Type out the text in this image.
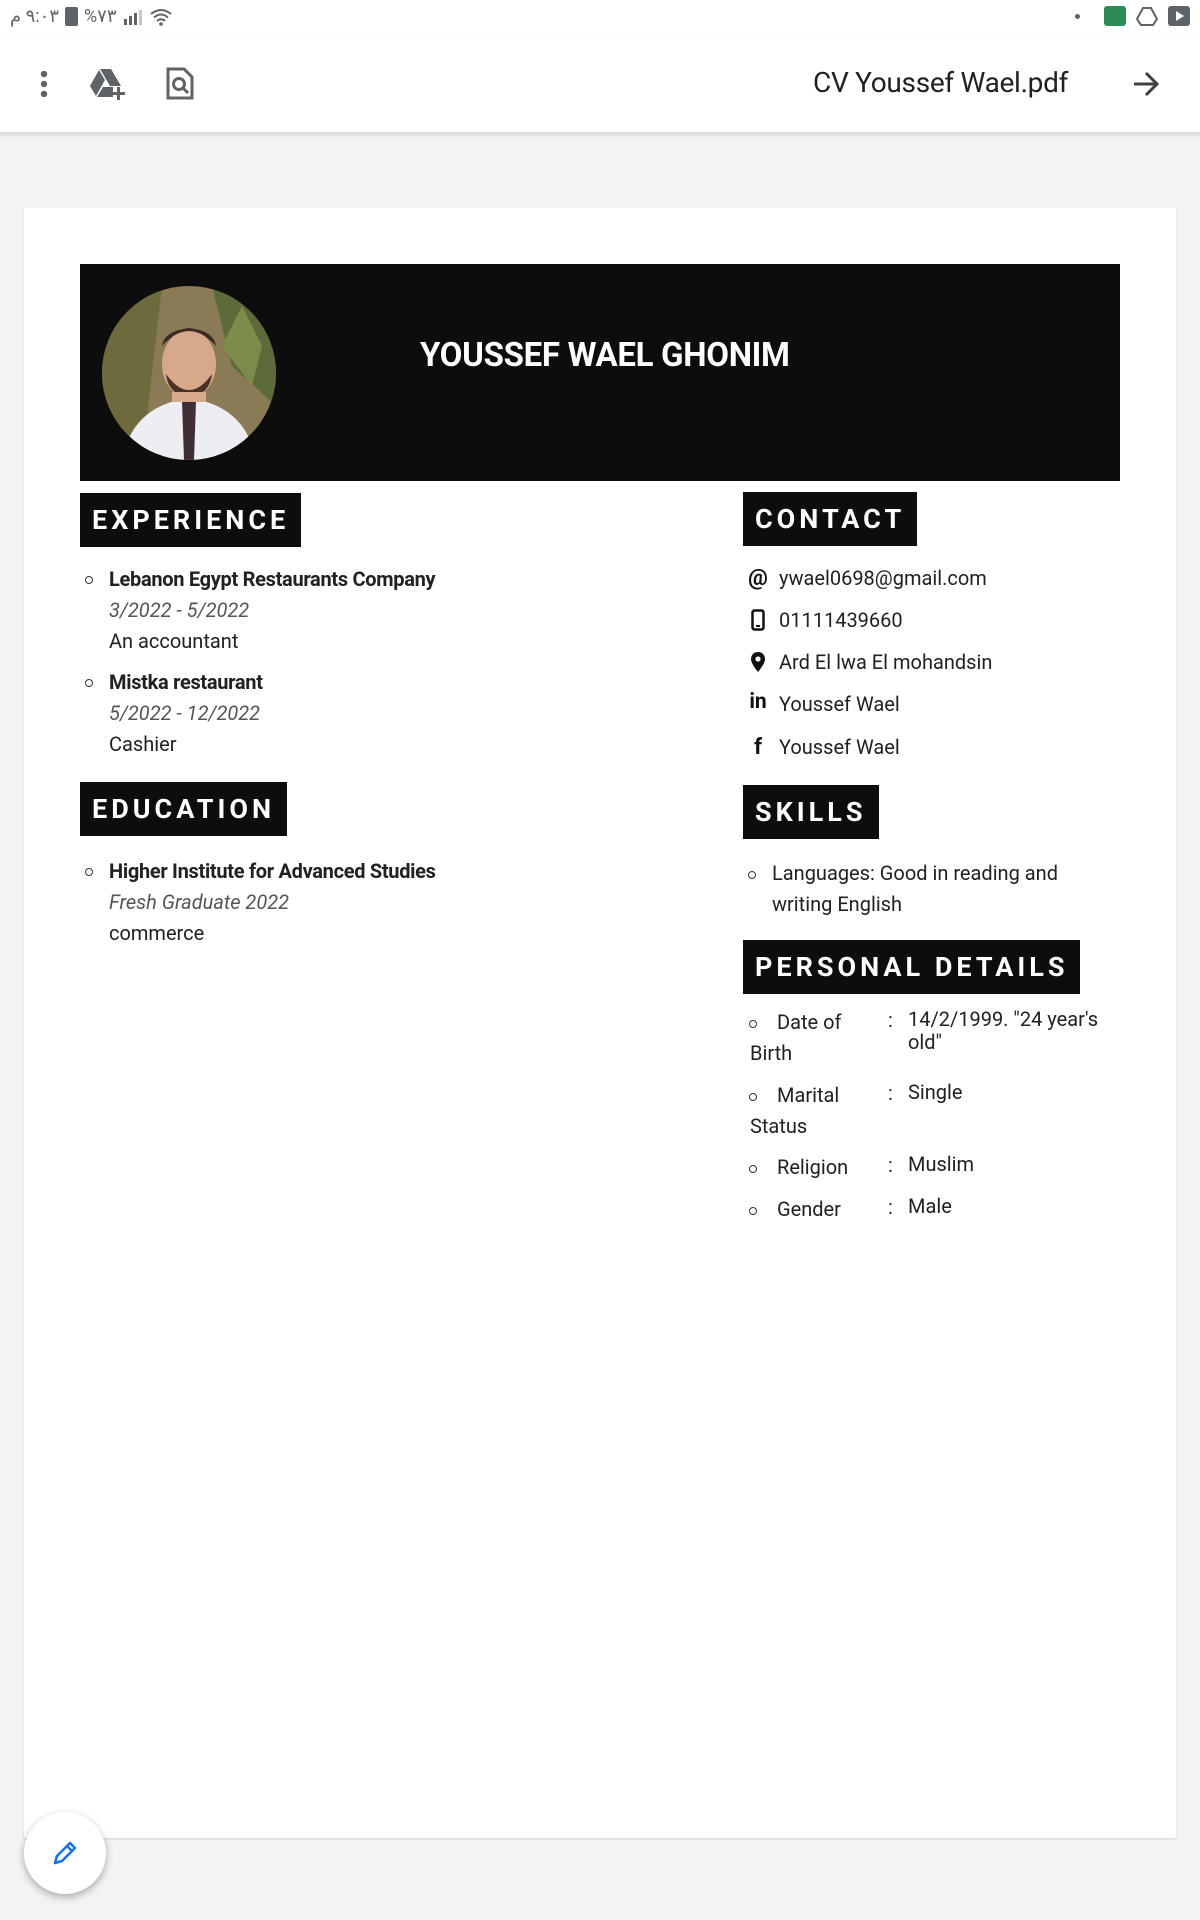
٩:٠٣ م %٧٣
CV Youssef Wael.pdf
YOUSSEF WAEL GHONIM
EXPERIENCE
Lebanon Egypt Restaurants Company
3/2022 - 5/2022
An accountant
Mistka restaurant
5/2022 - 12/2022
Cashier
EDUCATION
Higher Institute for Advanced Studies
Fresh Graduate 2022
commerce
CONTACT
@ ywael0698@gmail.com
01111439660
Ard El lwa El mohandsin
in Youssef Wael
f Youssef Wael
SKILLS
Languages: Good in reading and
writing English
PERSONAL DETAILS
Date of
Birth
: 14/2/1999. "24 year's
old"
Marital
Status
: Single
Religion : Muslim
Gender : Male
